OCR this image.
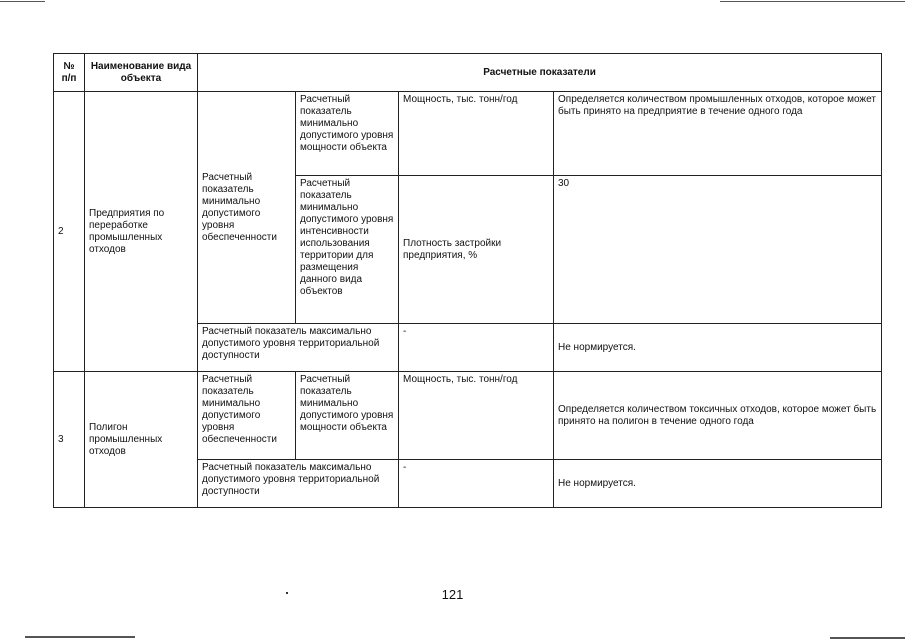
№ п/п	Наименование вида объекта	Расчетные показатели			
2	Предприятия по переработке промышленных отходов	Расчетный показатель минимально допустимого уровня обеспеченности	Расчетный показатель минимально допустимого уровня мощности объекта	Мощность, тыс. тонн/год	Определяется количеством промышленных отходов, которое может быть принято на предприятие в течение одного года
			Расчетный показатель минимально допустимого уровня интенсивности использования территории для размещения данного вида объектов	Плотность застройки предприятия, %	30
		Расчетный показатель максимально допустимого уровня территориальной доступности		-	Не нормируется.
3	Полигон промышленных отходов	Расчетный показатель минимально допустимого уровня обеспеченности	Расчетный показатель минимально допустимого уровня мощности объекта	Мощность, тыс. тонн/год	Определяется количеством токсичных отходов, которое может быть принято на полигон в течение одного года
		Расчетный показатель максимально допустимого уровня территориальной доступности		-	Не нормируется.
121
